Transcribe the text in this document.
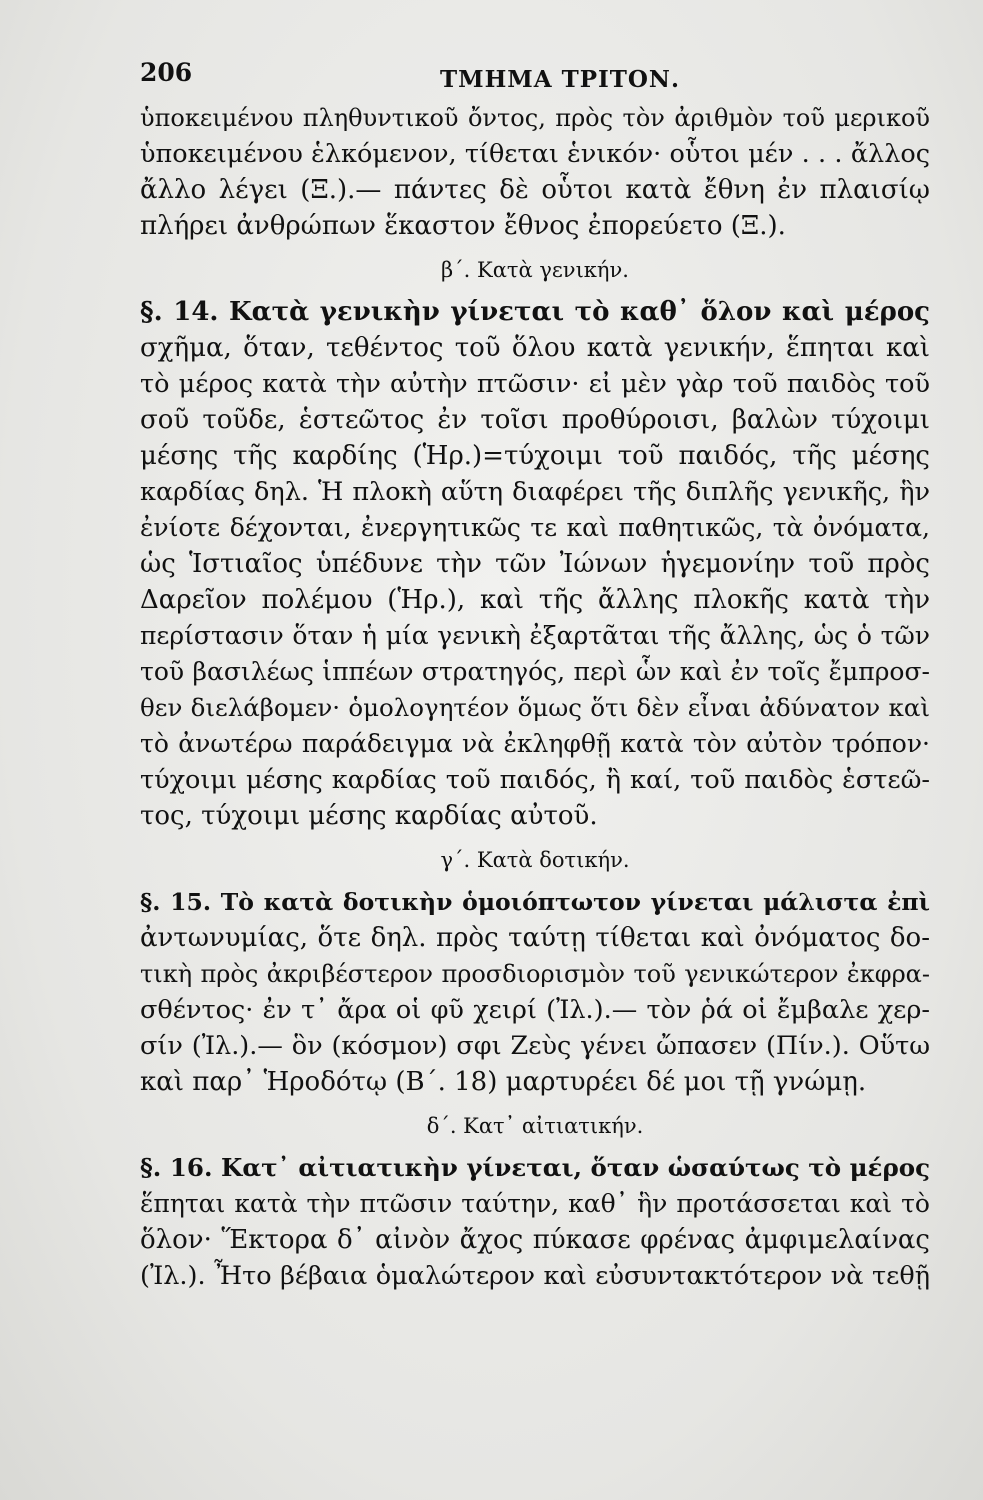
206	ΤΜΗΜΑ ΤΡΙΤΟΝ.
ὑποκειμένου πληθυντικοῦ ὄντος, πρὸς τὸν ἀριθμὸν τοῦ μερικοῦ
ὑποκειμένου ἑλκόμενον, τίθεται ἑνικόν· οὗτοι μέν . . . ἄλλος
ἄλλο λέγει (Ξ.).— πάντες δὲ οὗτοι κατὰ ἔθνη ἐν πλαισίῳ
πλήρει ἀνθρώπων ἕκαστον ἔθνος ἐπορεύετο (Ξ.).
β΄. Κατὰ γενικήν.
§. 14. Κατὰ γενικὴν γίνεται τὸ καθ᾽ ὅλον καὶ μέρος
σχῆμα, ὅταν, τεθέντος τοῦ ὅλου κατὰ γενικήν, ἕπηται καὶ
τὸ μέρος κατὰ τὴν αὐτὴν πτῶσιν· εἰ μὲν γὰρ τοῦ παιδὸς τοῦ
σοῦ τοῦδε, ἑστεῶτος ἐν τοῖσι προθύροισι, βαλὼν τύχοιμι
μέσης τῆς καρδίης (Ἡρ.)=τύχοιμι τοῦ παιδός, τῆς μέσης
καρδίας δηλ. Ἡ πλοκὴ αὕτη διαφέρει τῆς διπλῆς γενικῆς, ἣν
ἐνίοτε δέχονται, ἐνεργητικῶς τε καὶ παθητικῶς, τὰ ὀνόματα,
ὡς Ἱστιαῖος ὑπέδυνε τὴν τῶν Ἰώνων ἡγεμονίην τοῦ πρὸς
Δαρεῖον πολέμου (Ἡρ.), καὶ τῆς ἄλλης πλοκῆς κατὰ τὴν
περίστασιν ὅταν ἡ μία γενικὴ ἐξαρτᾶται τῆς ἄλλης, ὡς ὁ τῶν
τοῦ βασιλέως ἱππέων στρατηγός, περὶ ὧν καὶ ἐν τοῖς ἔμπροσ-
θεν διελάβομεν· ὁμολογητέον ὅμως ὅτι δὲν εἶναι ἀδύνατον καὶ
τὸ ἀνωτέρω παράδειγμα νὰ ἐκληφθῇ κατὰ τὸν αὐτὸν τρόπον·
τύχοιμι μέσης καρδίας τοῦ παιδός, ἢ καί, τοῦ παιδὸς ἑστεῶ-
τος, τύχοιμι μέσης καρδίας αὐτοῦ.
γ΄. Κατὰ δοτικήν.
§. 15. Τὸ κατὰ δοτικὴν ὁμοιόπτωτον γίνεται μάλιστα ἐπὶ
ἀντωνυμίας, ὅτε δηλ. πρὸς ταύτῃ τίθεται καὶ ὀνόματος δο-
τικὴ πρὸς ἀκριβέστερον προσδιορισμὸν τοῦ γενικώτερον ἐκφρα-
σθέντος· ἐν τ᾽ ἄρα οἱ φῦ χειρί (Ἰλ.).— τὸν ῥά οἱ ἔμβαλε χερ-
σίν (Ἰλ.).— ὃν (κόσμον) σφι Ζεὺς γένει ὤπασεν (Πίν.). Οὕτω
καὶ παρ᾽ Ἡροδότῳ (Β΄. 18) μαρτυρέει δέ μοι τῇ γνώμῃ.
δ΄. Κατ᾽ αἰτιατικήν.
§. 16. Κατ᾽ αἰτιατικὴν γίνεται, ὅταν ὡσαύτως τὸ μέρος
ἕπηται κατὰ τὴν πτῶσιν ταύτην, καθ᾽ ἣν προτάσσεται καὶ τὸ
ὅλον· Ἕκτορα δ᾽ αἰνὸν ἄχος πύκασε φρένας ἀμφιμελαίνας
(Ἰλ.). Ἦτο βέβαια ὁμαλώτερον καὶ εὐσυντακτότερον νὰ τεθῇ
